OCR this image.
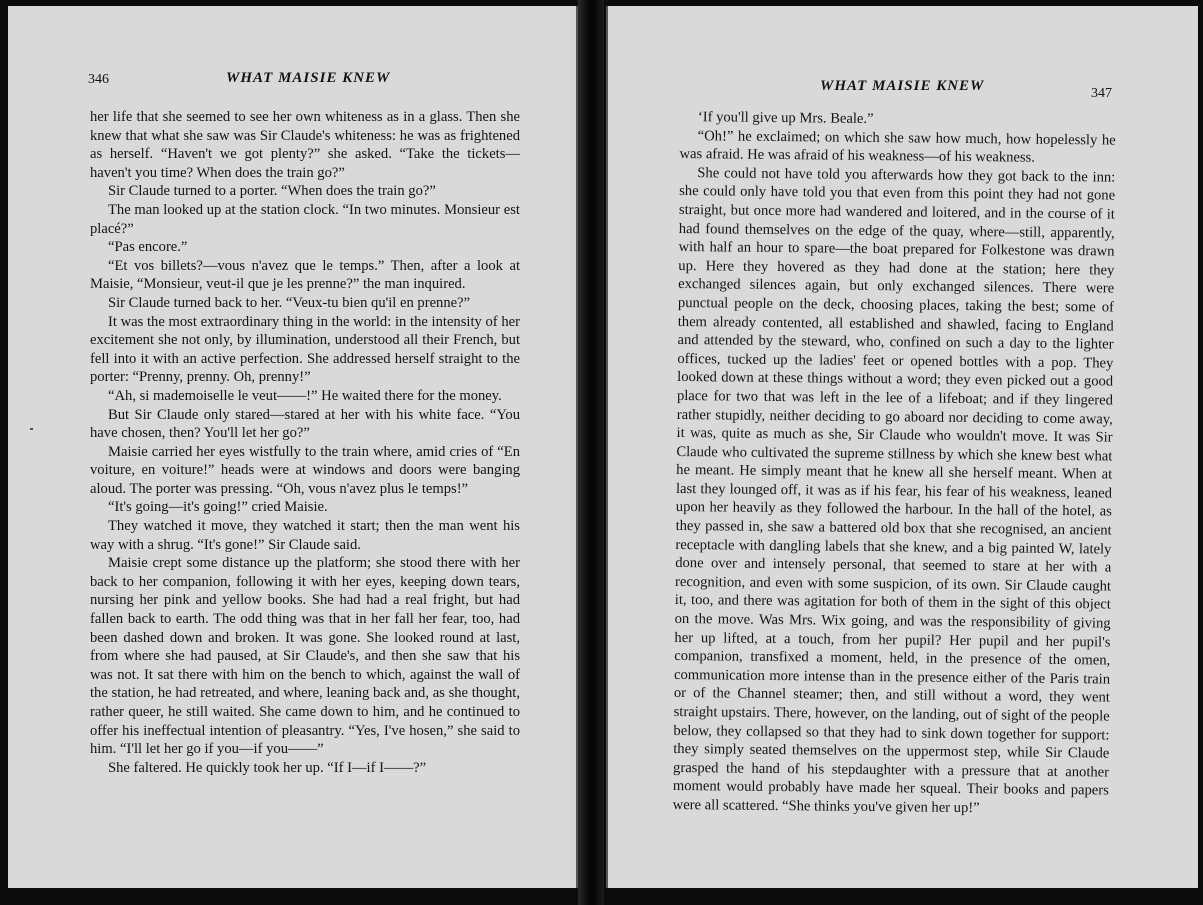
346	WHAT MAISIE KNEW

her life that she seemed to see her own whiteness as in a glass. Then she knew that what she saw was Sir Claude's whiteness: he was as frightened as herself. “Haven't we got plenty?” she asked. “Take the tickets—haven't you time? When does the train go?”

Sir Claude turned to a porter. “When does the train go?”

The man looked up at the station clock. “In two minutes. Monsieur est placé?”

“Pas encore.”

“Et vos billets?—vous n'avez que le temps.” Then, after a look at Maisie, “Monsieur, veut-il que je les prenne?” the man inquired.

Sir Claude turned back to her. “Veux-tu bien qu'il en prenne?”

It was the most extraordinary thing in the world: in the intensity of her excitement she not only, by illumination, understood all their French, but fell into it with an active perfection. She addressed herself straight to the porter: “Prenny, prenny. Oh, prenny!”

“Ah, si mademoiselle le veut——!” He waited there for the money.

But Sir Claude only stared—stared at her with his white face. “You have chosen, then? You'll let her go?”

Maisie carried her eyes wistfully to the train where, amid cries of “En voiture, en voiture!” heads were at windows and doors were banging aloud. The porter was pressing. “Oh, vous n'avez plus le temps!”

“It's going—it's going!” cried Maisie.

They watched it move, they watched it start; then the man went his way with a shrug. “It's gone!” Sir Claude said.

Maisie crept some distance up the platform; she stood there with her back to her companion, following it with her eyes, keeping down tears, nursing her pink and yellow books. She had had a real fright, but had fallen back to earth. The odd thing was that in her fall her fear, too, had been dashed down and broken. It was gone. She looked round at last, from where she had paused, at Sir Claude's, and then she saw that his was not. It sat there with him on the bench to which, against the wall of the station, he had retreated, and where, leaning back and, as she thought, rather queer, he still waited. She came down to him, and he continued to offer his ineffectual intention of pleasantry. “Yes, I've hosen,” she said to him. “I'll let her go if you—if you——”

She faltered. He quickly took her up. “If I—if I——?”

WHAT MAISIE KNEW	347

‘If you'll give up Mrs. Beale.”

“Oh!” he exclaimed; on which she saw how much, how hopelessly he was afraid. He was afraid of his weakness—of his weakness.

She could not have told you afterwards how they got back to the inn: she could only have told you that even from this point they had not gone straight, but once more had wandered and loitered, and in the course of it had found themselves on the edge of the quay, where—still, apparently, with half an hour to spare—the boat prepared for Folkestone was drawn up. Here they hovered as they had done at the station; here they exchanged silences again, but only exchanged silences. There were punctual people on the deck, choosing places, taking the best; some of them already contented, all established and shawled, facing to England and attended by the steward, who, confined on such a day to the lighter offices, tucked up the ladies' feet or opened bottles with a pop. They looked down at these things without a word; they even picked out a good place for two that was left in the lee of a lifeboat; and if they lingered rather stupidly, neither deciding to go aboard nor deciding to come away, it was, quite as much as she, Sir Claude who wouldn't move. It was Sir Claude who cultivated the supreme stillness by which she knew best what he meant. He simply meant that he knew all she herself meant. When at last they lounged off, it was as if his fear, his fear of his weakness, leaned upon her heavily as they followed the harbour. In the hall of the hotel, as they passed in, she saw a battered old box that she recognised, an ancient receptacle with dangling labels that she knew, and a big painted W, lately done over and intensely personal, that seemed to stare at her with a recognition, and even with some suspicion, of its own. Sir Claude caught it, too, and there was agitation for both of them in the sight of this object on the move. Was Mrs. Wix going, and was the responsibility of giving her up lifted, at a touch, from her pupil? Her pupil and her pupil's companion, transfixed a moment, held, in the presence of the omen, communication more intense than in the presence either of the Paris train or of the Channel steamer; then, and still without a word, they went straight upstairs. There, however, on the landing, out of sight of the people below, they collapsed so that they had to sink down together for support: they simply seated themselves on the uppermost step, while Sir Claude grasped the hand of his stepdaughter with a pressure that at another moment would probably have made her squeal. Their books and papers were all scattered. “She thinks you've given her up!”
